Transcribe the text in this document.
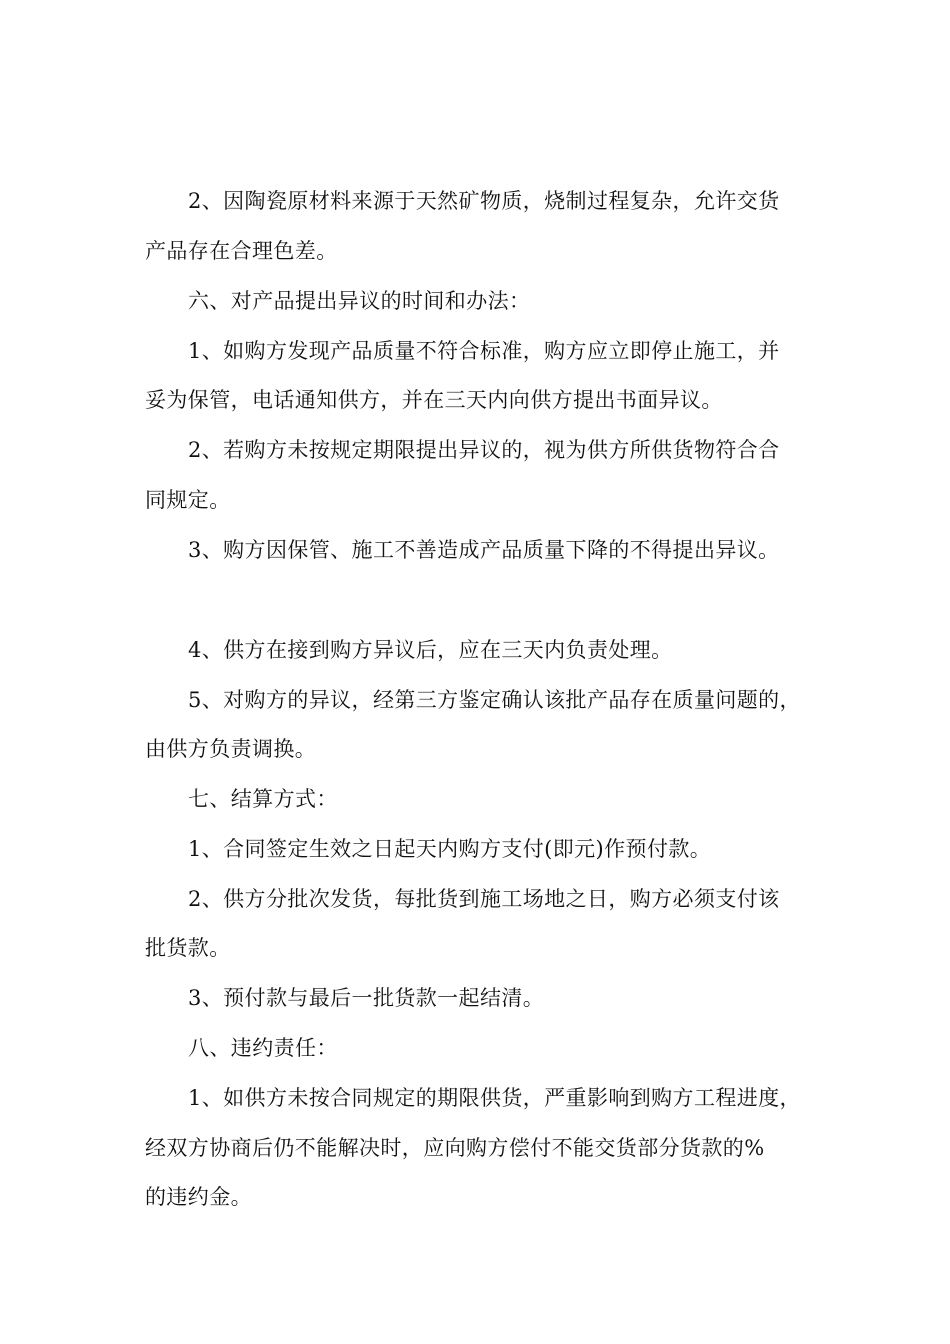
2、因陶瓷原材料来源于天然矿物质，烧制过程复杂，允许交货
产品存在合理色差。
六、对产品提出异议的时间和办法：
1、如购方发现产品质量不符合标准，购方应立即停止施工，并
妥为保管，电话通知供方，并在三天内向供方提出书面异议。
2、若购方未按规定期限提出异议的，视为供方所供货物符合合
同规定。
3、购方因保管、施工不善造成产品质量下降的不得提出异议。
4、供方在接到购方异议后，应在三天内负责处理。
5、对购方的异议，经第三方鉴定确认该批产品存在质量问题的，
由供方负责调换。
七、结算方式：
1、合同签定生效之日起天内购方支付(即元)作预付款。
2、供方分批次发货，每批货到施工场地之日，购方必须支付该
批货款。
3、预付款与最后一批货款一起结清。
八、违约责任：
1、如供方未按合同规定的期限供货，严重影响到购方工程进度，
经双方协商后仍不能解决时，应向购方偿付不能交货部分货款的%
的违约金。
